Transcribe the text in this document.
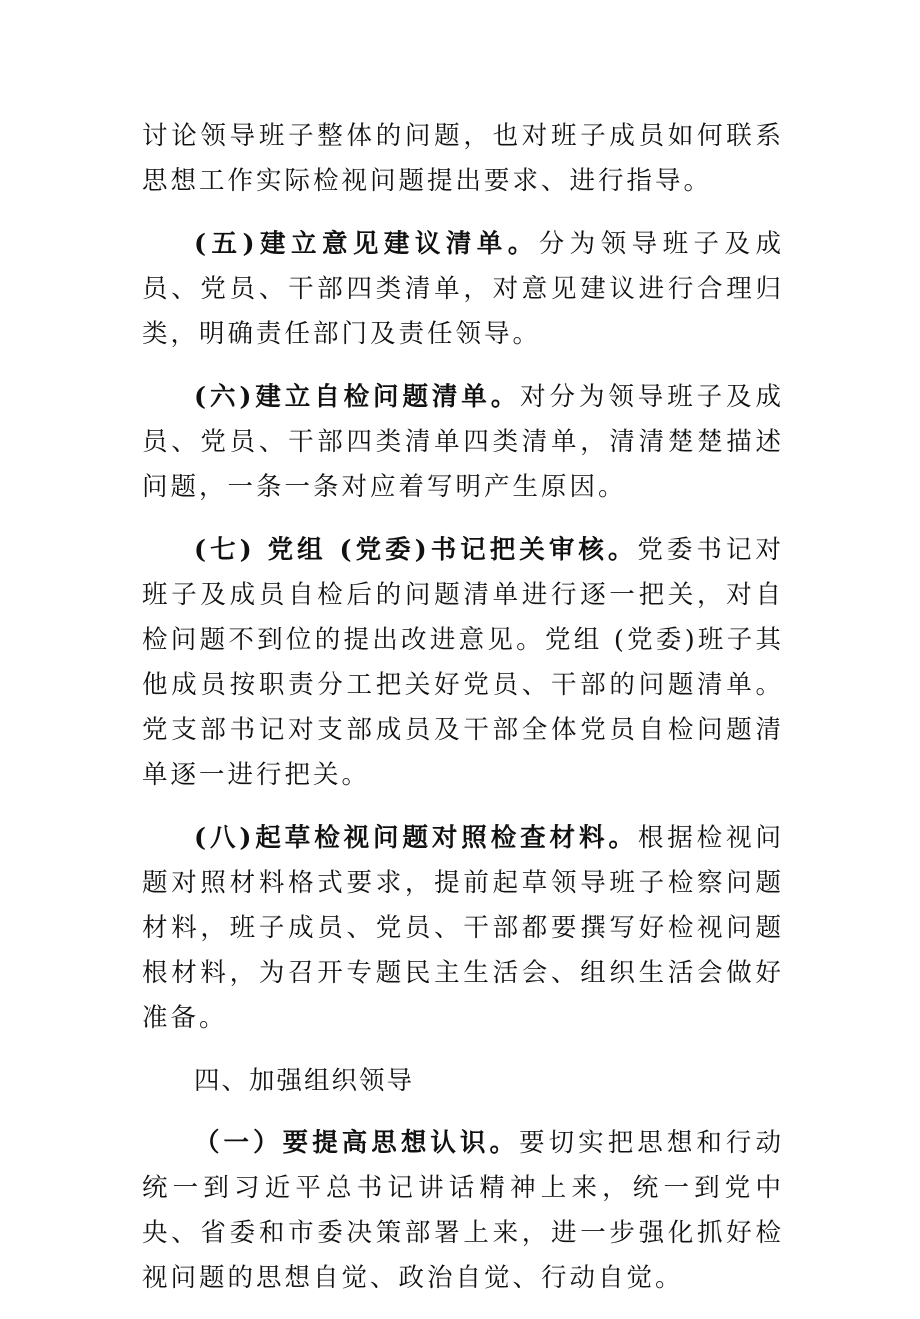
讨论领导班子整体的问题，也对班子成员如何联系思想工作实际检视问题提出要求、进行指导。

(五)建立意见建议清单。分为领导班子及成员、党员、干部四类清单，对意见建议进行合理归类，明确责任部门及责任领导。

(六)建立自检问题清单。对分为领导班子及成员、党员、干部四类清单四类清单，清清楚楚描述问题，一条一条对应着写明产生原因。

(七) 党组 (党委)书记把关审核。党委书记对班子及成员自检后的问题清单进行逐一把关，对自检问题不到位的提出改进意见。党组 (党委)班子其他成员按职责分工把关好党员、干部的问题清单。党支部书记对支部成员及干部全体党员自检问题清单逐一进行把关。

(八)起草检视问题对照检查材料。根据检视问题对照材料格式要求，提前起草领导班子检察问题材料，班子成员、党员、干部都要撰写好检视问题根材料，为召开专题民主生活会、组织生活会做好准备。

四、加强组织领导

（一）要提高思想认识。要切实把思想和行动统一到习近平总书记讲话精神上来，统一到党中央、省委和市委决策部署上来，进一步强化抓好检视问题的思想自觉、政治自觉、行动自觉。
